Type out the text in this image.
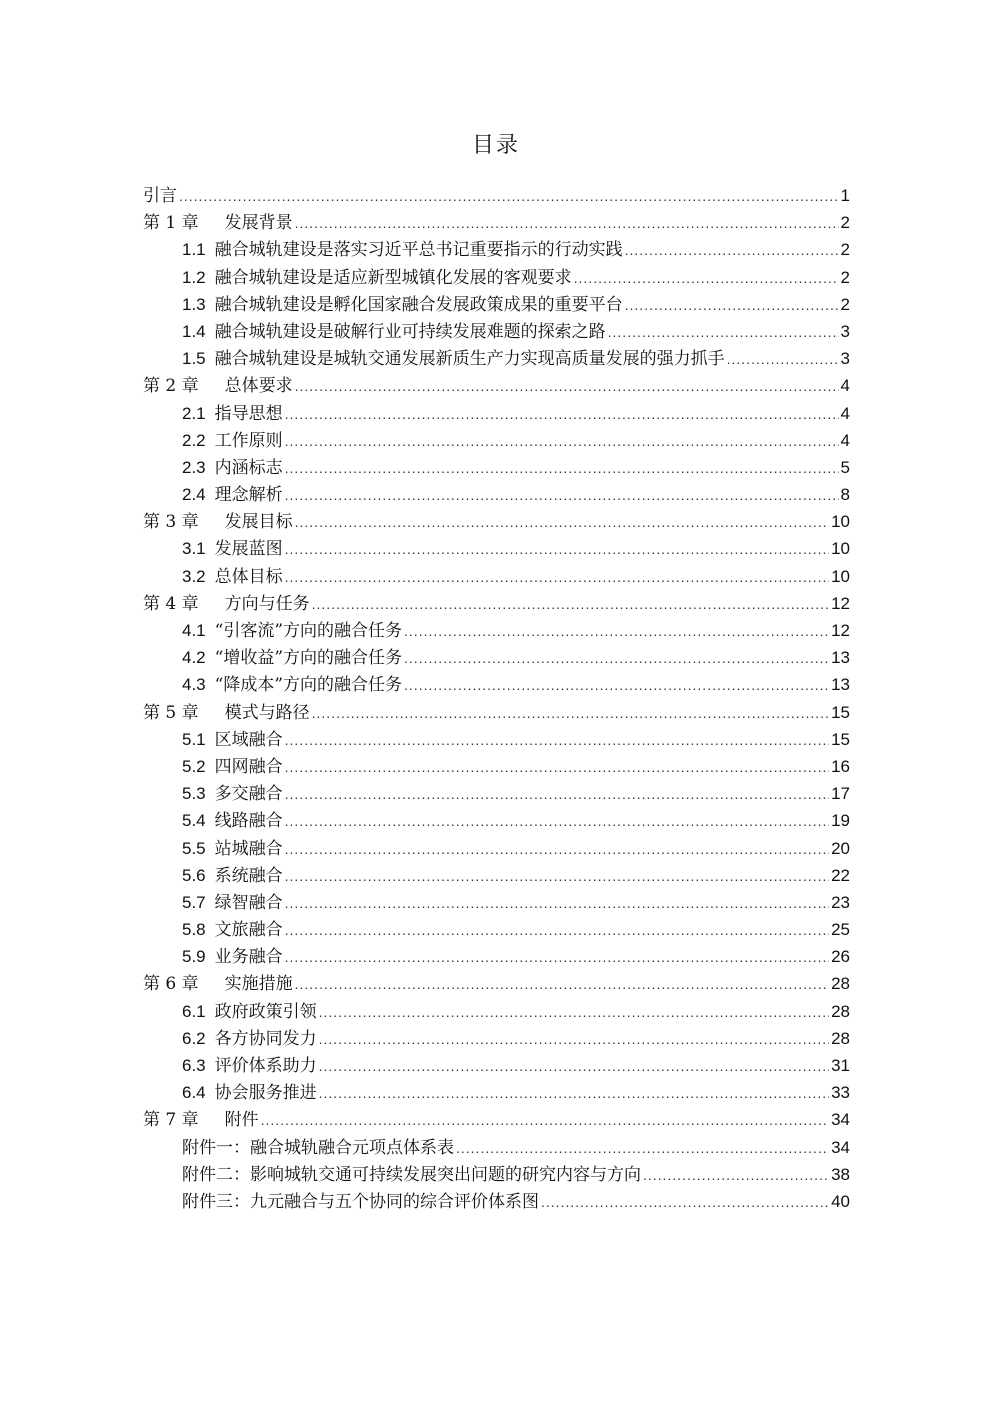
目录
引言 .....	1
第 1 章 发展背景 .....	2
1.1 融合城轨建设是落实习近平总书记重要指示的行动实践 .....	2
1.2 融合城轨建设是适应新型城镇化发展的客观要求 .....	2
1.3 融合城轨建设是孵化国家融合发展政策成果的重要平台 .....	2
1.4 融合城轨建设是破解行业可持续发展难题的探索之路 .....	3
1.5 融合城轨建设是城轨交通发展新质生产力实现高质量发展的强力抓手 .....	3
第 2 章 总体要求 .....	4
2.1 指导思想 .....	4
2.2 工作原则 .....	4
2.3 内涵标志 .....	5
2.4 理念解析 .....	8
第 3 章 发展目标 .....	10
3.1 发展蓝图 .....	10
3.2 总体目标 .....	10
第 4 章 方向与任务 .....	12
4.1 “引客流”方向的融合任务 .....	12
4.2 “增收益”方向的融合任务 .....	13
4.3 “降成本”方向的融合任务 .....	13
第 5 章 模式与路径 .....	15
5.1 区域融合 .....	15
5.2 四网融合 .....	16
5.3 多交融合 .....	17
5.4 线路融合 .....	19
5.5 站城融合 .....	20
5.6 系统融合 .....	22
5.7 绿智融合 .....	23
5.8 文旅融合 .....	25
5.9 业务融合 .....	26
第 6 章 实施措施 .....	28
6.1 政府政策引领 .....	28
6.2 各方协同发力 .....	28
6.3 评价体系助力 .....	31
6.4 协会服务推进 .....	33
第 7 章 附件 .....	34
附件一：融合城轨融合元项点体系表 .....	34
附件二：影响城轨交通可持续发展突出问题的研究内容与方向 .....	38
附件三：九元融合与五个协同的综合评价体系图 .....	40
